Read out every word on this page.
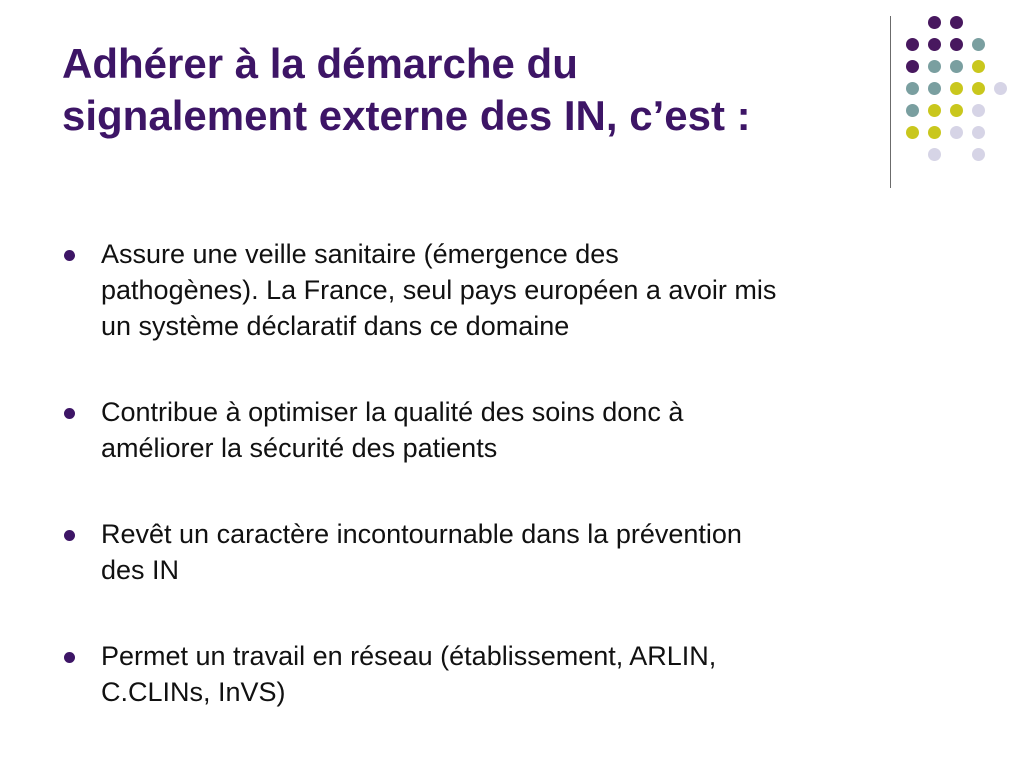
Adhérer à la démarche du
signalement externe des IN, c’est :
Assure une veille sanitaire (émergence des
pathogènes). La France, seul pays européen a avoir mis
un système déclaratif dans ce domaine
Contribue à optimiser la qualité des soins donc à
améliorer la sécurité des patients
Revêt un caractère incontournable dans la prévention
des IN
Permet un travail en réseau (établissement, ARLIN,
C.CLINs, InVS)
